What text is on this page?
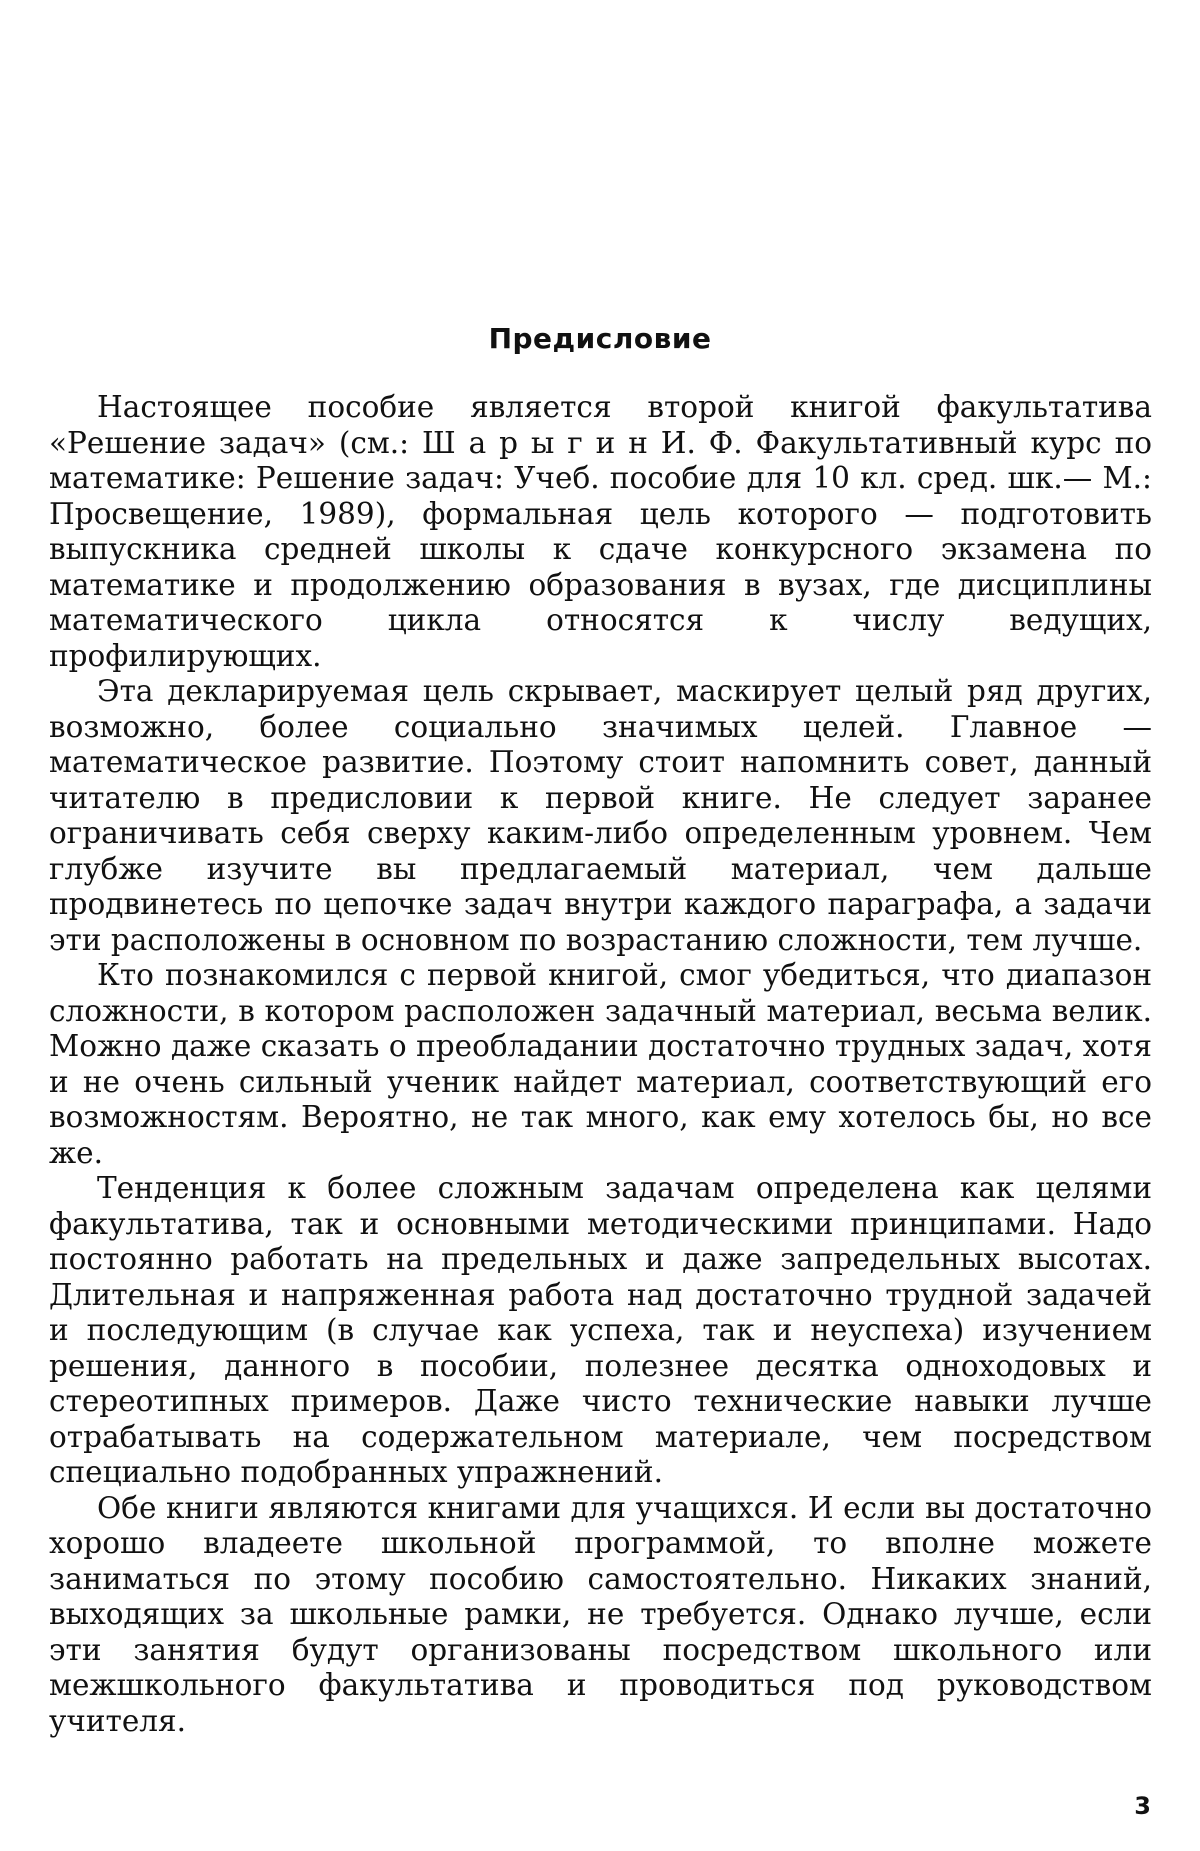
Предисловие

Настоящее пособие является второй книгой факультатива «Решение задач» (см.: Ш а р ы г и н И. Ф. Факультативный курс по математике: Решение задач: Учеб. пособие для 10 кл. сред. шк.— М.: Просвещение, 1989), формальная цель которого — подготовить выпускника средней школы к сдаче конкурсного экзамена по математике и продолжению образования в вузах, где дисциплины математического цикла относятся к числу ведущих, профилирующих.

Эта декларируемая цель скрывает, маскирует целый ряд других, возможно, более социально значимых целей. Главное — математическое развитие. Поэтому стоит напомнить совет, данный читателю в предисловии к первой книге. Не следует заранее ограничивать себя сверху каким-либо определенным уровнем. Чем глубже изучите вы предлагаемый материал, чем дальше продвинетесь по цепочке задач внутри каждого параграфа, а задачи эти расположены в основном по возрастанию сложности, тем лучше.

Кто познакомился с первой книгой, смог убедиться, что диапазон сложности, в котором расположен задачный материал, весьма велик. Можно даже сказать о преобладании достаточно трудных задач, хотя и не очень сильный ученик найдет материал, соответствующий его возможностям. Вероятно, не так много, как ему хотелось бы, но все же.

Тенденция к более сложным задачам определена как целями факультатива, так и основными методическими принципами. Надо постоянно работать на предельных и даже запредельных высотах. Длительная и напряженная работа над достаточно трудной задачей и последующим (в случае как успеха, так и неуспеха) изучением решения, данного в пособии, полезнее десятка одноходовых и стереотипных примеров. Даже чисто технические навыки лучше отрабатывать на содержательном материале, чем посредством специально подобранных упражнений.

Обе книги являются книгами для учащихся. И если вы достаточно хорошо владеете школьной программой, то вполне можете заниматься по этому пособию самостоятельно. Никаких знаний, выходящих за школьные рамки, не требуется. Однако лучше, если эти занятия будут организованы посредством школьного или межшкольного факультатива и проводиться под руководством учителя.

3
